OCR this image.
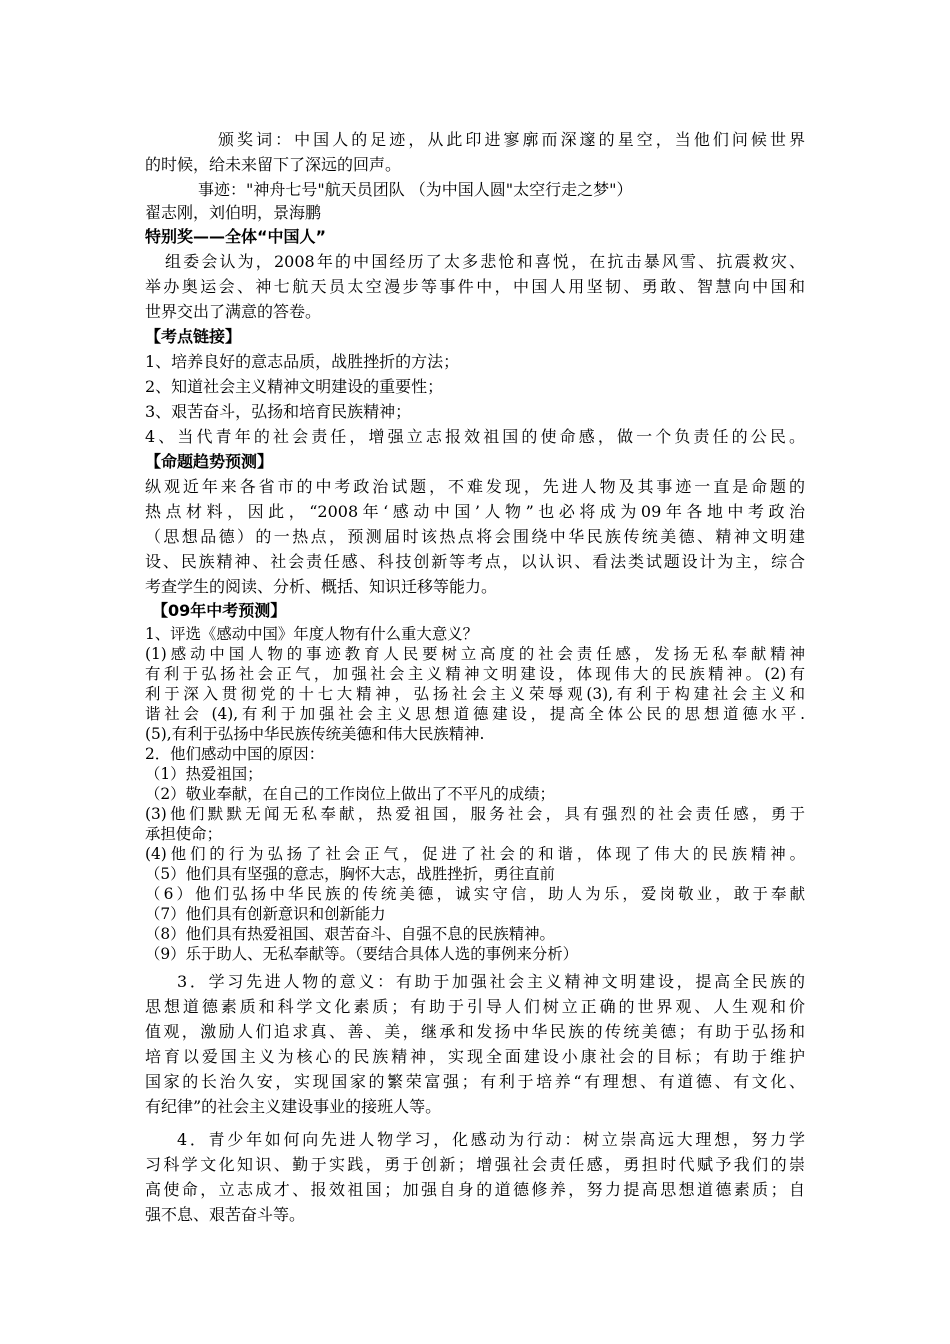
颁奖词：中国人的足迹，从此印进寥廓而深邃的星空，当他们问候世界
的时候，给未来留下了深远的回声。
事迹："神舟七号"航天员团队 （为中国人圆"太空行走之梦"）
翟志刚，刘伯明，景海鹏
特别奖——全体“中国人”
组委会认为，2008年的中国经历了太多悲怆和喜悦，在抗击暴风雪、抗震救灾、
举办奥运会、神七航天员太空漫步等事件中，中国人用坚韧、勇敢、智慧向中国和
世界交出了满意的答卷。
【考点链接】
1、培养良好的意志品质，战胜挫折的方法；
2、知道社会主义精神文明建设的重要性；
3、艰苦奋斗，弘扬和培育民族精神；
4、当代青年的社会责任，增强立志报效祖国的使命感，做一个负责任的公民。
【命题趋势预测】
纵观近年来各省市的中考政治试题，不难发现，先进人物及其事迹一直是命题的
热点材料，因此，“2008年‘感动中国’人物”也必将成为09年各地中考政治
（思想品德）的一热点，预测届时该热点将会围绕中华民族传统美德、精神文明建
设、民族精神、社会责任感、科技创新等考点，以认识、看法类试题设计为主，综合
考查学生的阅读、分析、概括、知识迁移等能力。
【09年中考预测】
1、评选《感动中国》年度人物有什么重大意义？
(1)感动中国人物的事迹教育人民要树立高度的社会责任感，发扬无私奉献精神
有利于弘扬社会正气，加强社会主义精神文明建设，体现伟大的民族精神。(2)有
利于深入贯彻党的十七大精神，弘扬社会主义荣辱观(3),有利于构建社会主义和
谐社会 (4),有利于加强社会主义思想道德建设，提高全体公民的思想道德水平.
(5),有利于弘扬中华民族传统美德和伟大民族精神.
2．他们感动中国的原因：
（1）热爱祖国；
（2）敬业奉献，在自己的工作岗位上做出了不平凡的成绩；
(3)他们默默无闻无私奉献，热爱祖国，服务社会，具有强烈的社会责任感，勇于
承担使命；
(4)他们的行为弘扬了社会正气，促进了社会的和谐，体现了伟大的民族精神。
（5）他们具有坚强的意志，胸怀大志，战胜挫折，勇往直前
（6）他们弘扬中华民族的传统美德，诚实守信，助人为乐，爱岗敬业，敢于奉献
（7）他们具有创新意识和创新能力
（8）他们具有热爱祖国、艰苦奋斗、自强不息的民族精神。
（9）乐于助人、无私奉献等。（要结合具体人选的事例来分析）
3．学习先进人物的意义：有助于加强社会主义精神文明建设，提高全民族的
思想道德素质和科学文化素质；有助于引导人们树立正确的世界观、人生观和价
值观，激励人们追求真、善、美，继承和发扬中华民族的传统美德；有助于弘扬和
培育以爱国主义为核心的民族精神，实现全面建设小康社会的目标；有助于维护
国家的长治久安，实现国家的繁荣富强；有利于培养“有理想、有道德、有文化、
有纪律”的社会主义建设事业的接班人等。
4．青少年如何向先进人物学习，化感动为行动：树立崇高远大理想，努力学
习科学文化知识、勤于实践，勇于创新；增强社会责任感，勇担时代赋予我们的崇
高使命，立志成才、报效祖国；加强自身的道德修养，努力提高思想道德素质；自
强不息、艰苦奋斗等。
